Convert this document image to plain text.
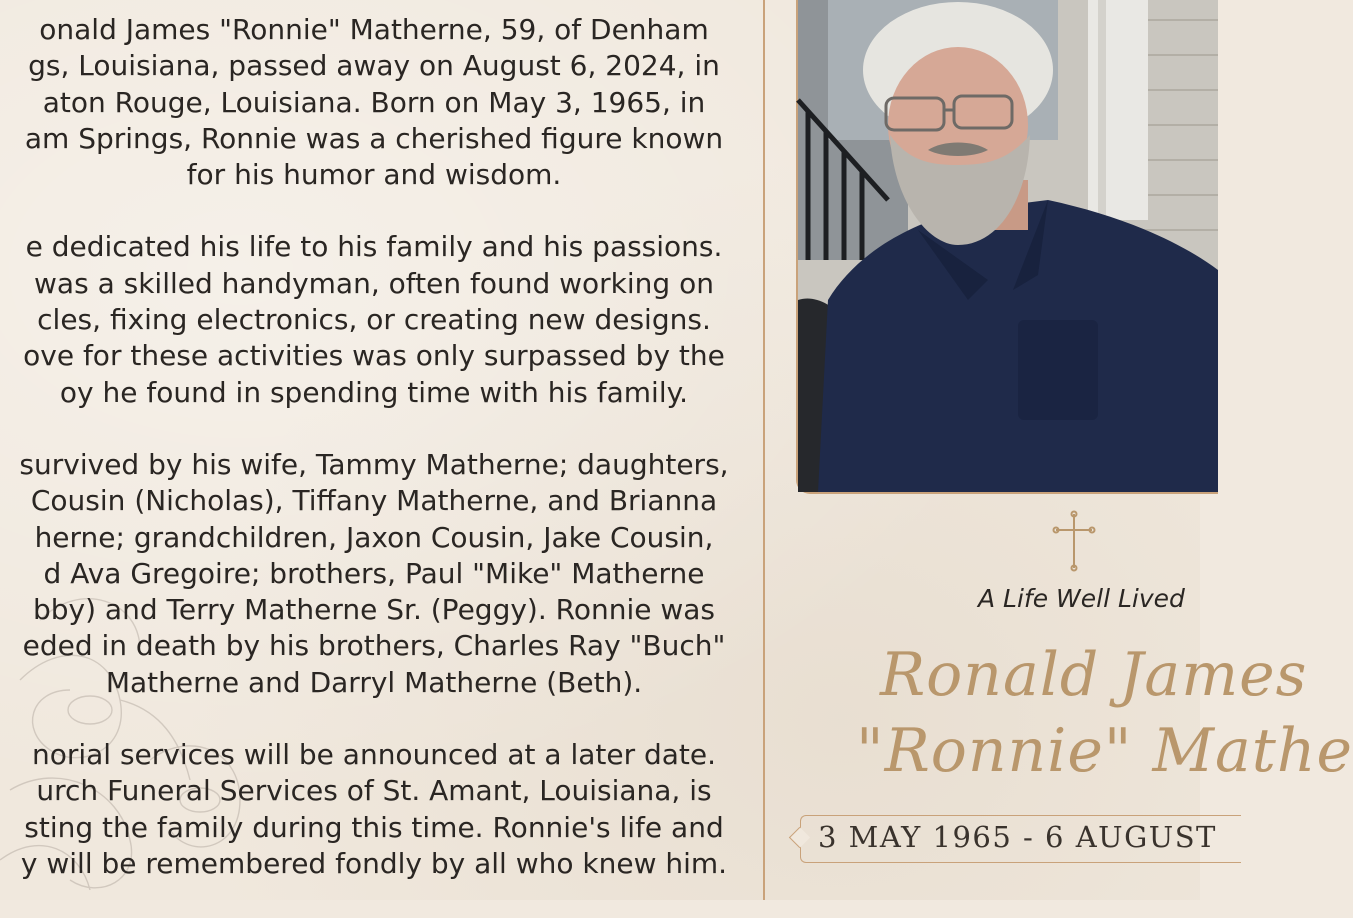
onald James "Ronnie" Matherne, 59, of Denham
gs, Louisiana, passed away on August 6, 2024, in
aton Rouge, Louisiana. Born on May 3, 1965, in
am Springs, Ronnie was a cherished figure known
for his humor and wisdom.

e dedicated his life to his family and his passions.
was a skilled handyman, often found working on
cles, fixing electronics, or creating new designs.
ove for these activities was only surpassed by the
oy he found in spending time with his family.

survived by his wife, Tammy Matherne; daughters,
Cousin (Nicholas), Tiffany Matherne, and Brianna
herne; grandchildren, Jaxon Cousin, Jake Cousin,
d Ava Gregoire; brothers, Paul "Mike" Matherne
bby) and Terry Matherne Sr. (Peggy). Ronnie was
eded in death by his brothers, Charles Ray "Buch"
Matherne and Darryl Matherne (Beth).

norial services will be announced at a later date.
urch Funeral Services of St. Amant, Louisiana, is
sting the family during this time. Ronnie's life and
y will be remembered fondly by all who knew him.

A Life Well Lived
Ronald James
"Ronnie" Mathe
3 MAY 1965 - 6 AUGUST
